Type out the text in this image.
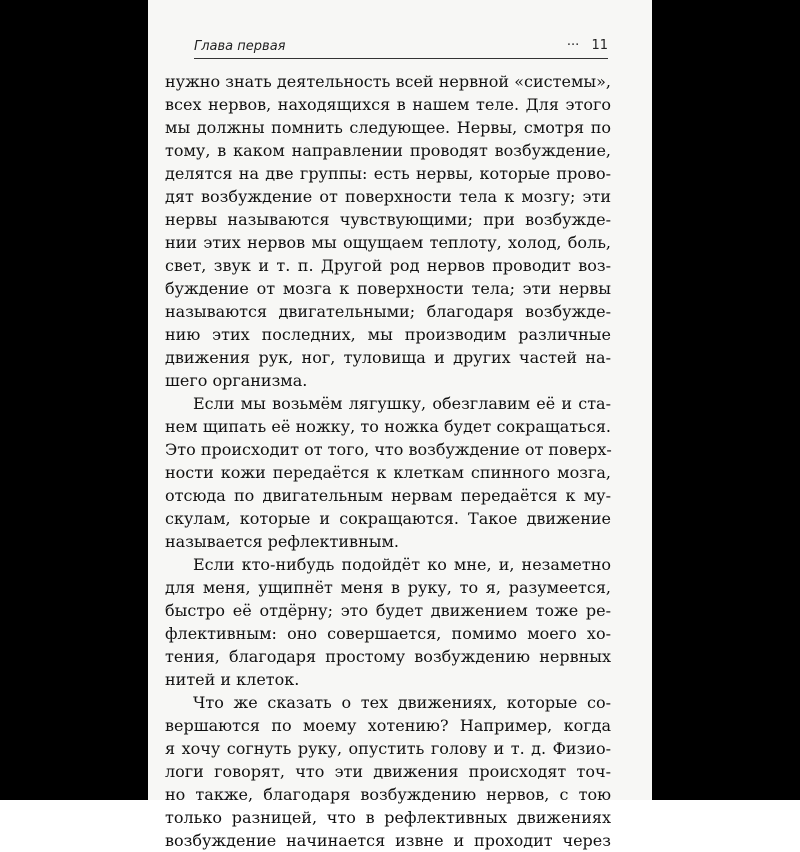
Глава первая	··· 11
нужно знать деятельность всей нервной «системы»,
всех нервов, находящихся в нашем теле. Для этого
мы должны помнить следующее. Нервы, смотря по
тому, в каком направлении проводят возбуждение,
делятся на две группы: есть нервы, которые прово-
дят возбуждение от поверхности тела к мозгу; эти
нервы называются чувствующими; при возбужде-
нии этих нервов мы ощущаем теплоту, холод, боль,
свет, звук и т. п. Другой род нервов проводит воз-
буждение от мозга к поверхности тела; эти нервы
называются двигательными; благодаря возбужде-
нию этих последних, мы производим различные
движения рук, ног, туловища и других частей на-
шего организма.
Если мы возьмём лягушку, обезглавим её и ста-
нем щипать её ножку, то ножка будет сокращаться.
Это происходит от того, что возбуждение от поверх-
ности кожи передаётся к клеткам спинного мозга,
отсюда по двигательным нервам передаётся к му-
скулам, которые и сокращаются. Такое движение
называется рефлективным.
Если кто-нибудь подойдёт ко мне, и, незаметно
для меня, ущипнёт меня в руку, то я, разумеется,
быстро её отдёрну; это будет движением тоже ре-
флективным: оно совершается, помимо моего хо-
тения, благодаря простому возбуждению нервных
нитей и клеток.
Что же сказать о тех движениях, которые со-
вершаются по моему хотению? Например, когда
я хочу согнуть руку, опустить голову и т. д. Физио-
логи говорят, что эти движения происходят точ-
но также, благодаря возбуждению нервов, с тою
только разницей, что в рефлективных движениях
возбуждение начинается извне и проходит через
